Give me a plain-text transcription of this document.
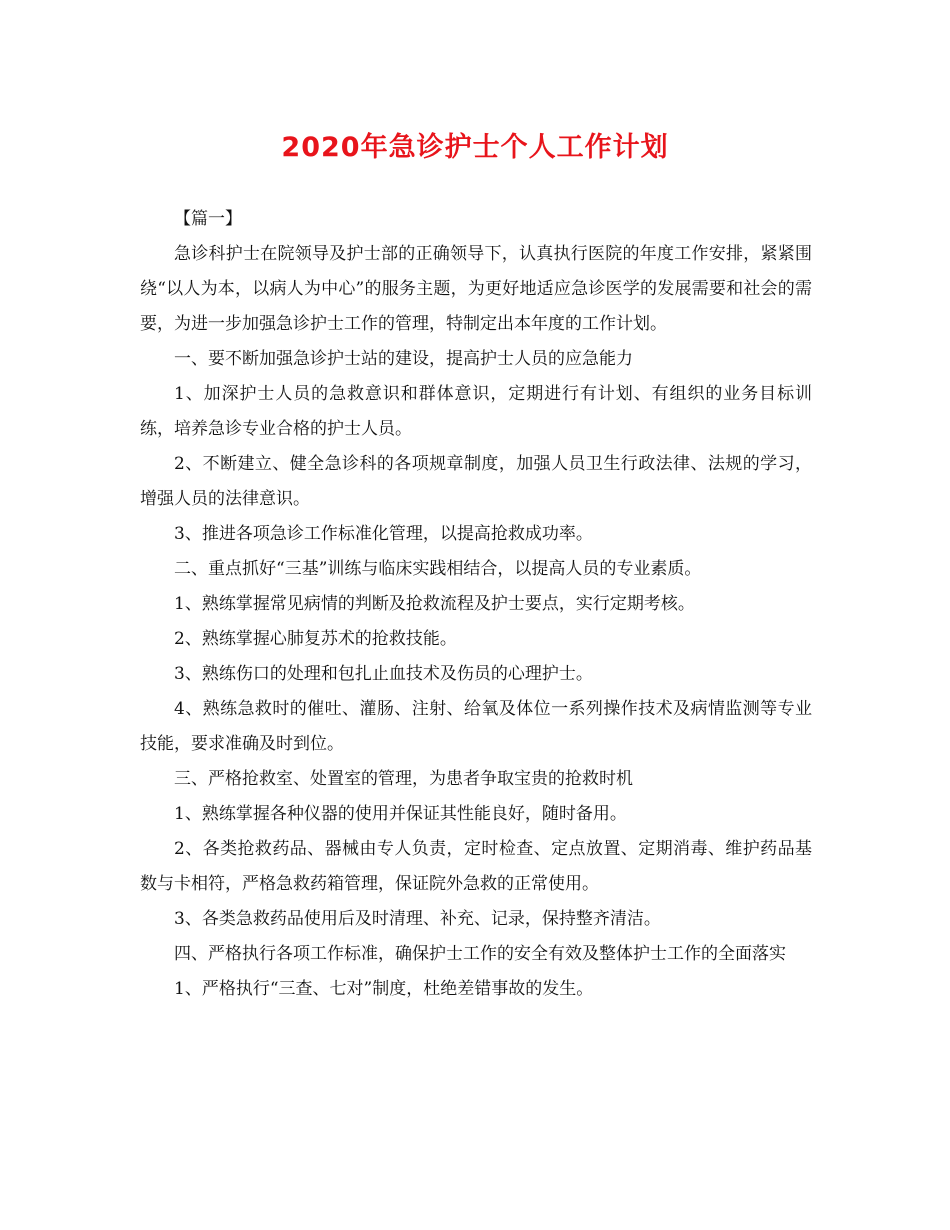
2020年急诊护士个人工作计划

【篇一】

急诊科护士在院领导及护士部的正确领导下，认真执行医院的年度工作安排，紧紧围绕“以人为本，以病人为中心”的服务主题，为更好地适应急诊医学的发展需要和社会的需要，为进一步加强急诊护士工作的管理，特制定出本年度的工作计划。

一、要不断加强急诊护士站的建设，提高护士人员的应急能力

1、加深护士人员的急救意识和群体意识，定期进行有计划、有组织的业务目标训练，培养急诊专业合格的护士人员。

2、不断建立、健全急诊科的各项规章制度，加强人员卫生行政法律、法规的学习，增强人员的法律意识。

3、推进各项急诊工作标准化管理，以提高抢救成功率。

二、重点抓好“三基”训练与临床实践相结合，以提高人员的专业素质。

1、熟练掌握常见病情的判断及抢救流程及护士要点，实行定期考核。

2、熟练掌握心肺复苏术的抢救技能。

3、熟练伤口的处理和包扎止血技术及伤员的心理护士。

4、熟练急救时的催吐、灌肠、注射、给氧及体位一系列操作技术及病情监测等专业技能，要求准确及时到位。

三、严格抢救室、处置室的管理，为患者争取宝贵的抢救时机

1、熟练掌握各种仪器的使用并保证其性能良好，随时备用。

2、各类抢救药品、器械由专人负责，定时检查、定点放置、定期消毒、维护药品基数与卡相符，严格急救药箱管理，保证院外急救的正常使用。

3、各类急救药品使用后及时清理、补充、记录，保持整齐清洁。

四、严格执行各项工作标准，确保护士工作的安全有效及整体护士工作的全面落实

1、严格执行“三查、七对”制度，杜绝差错事故的发生。
